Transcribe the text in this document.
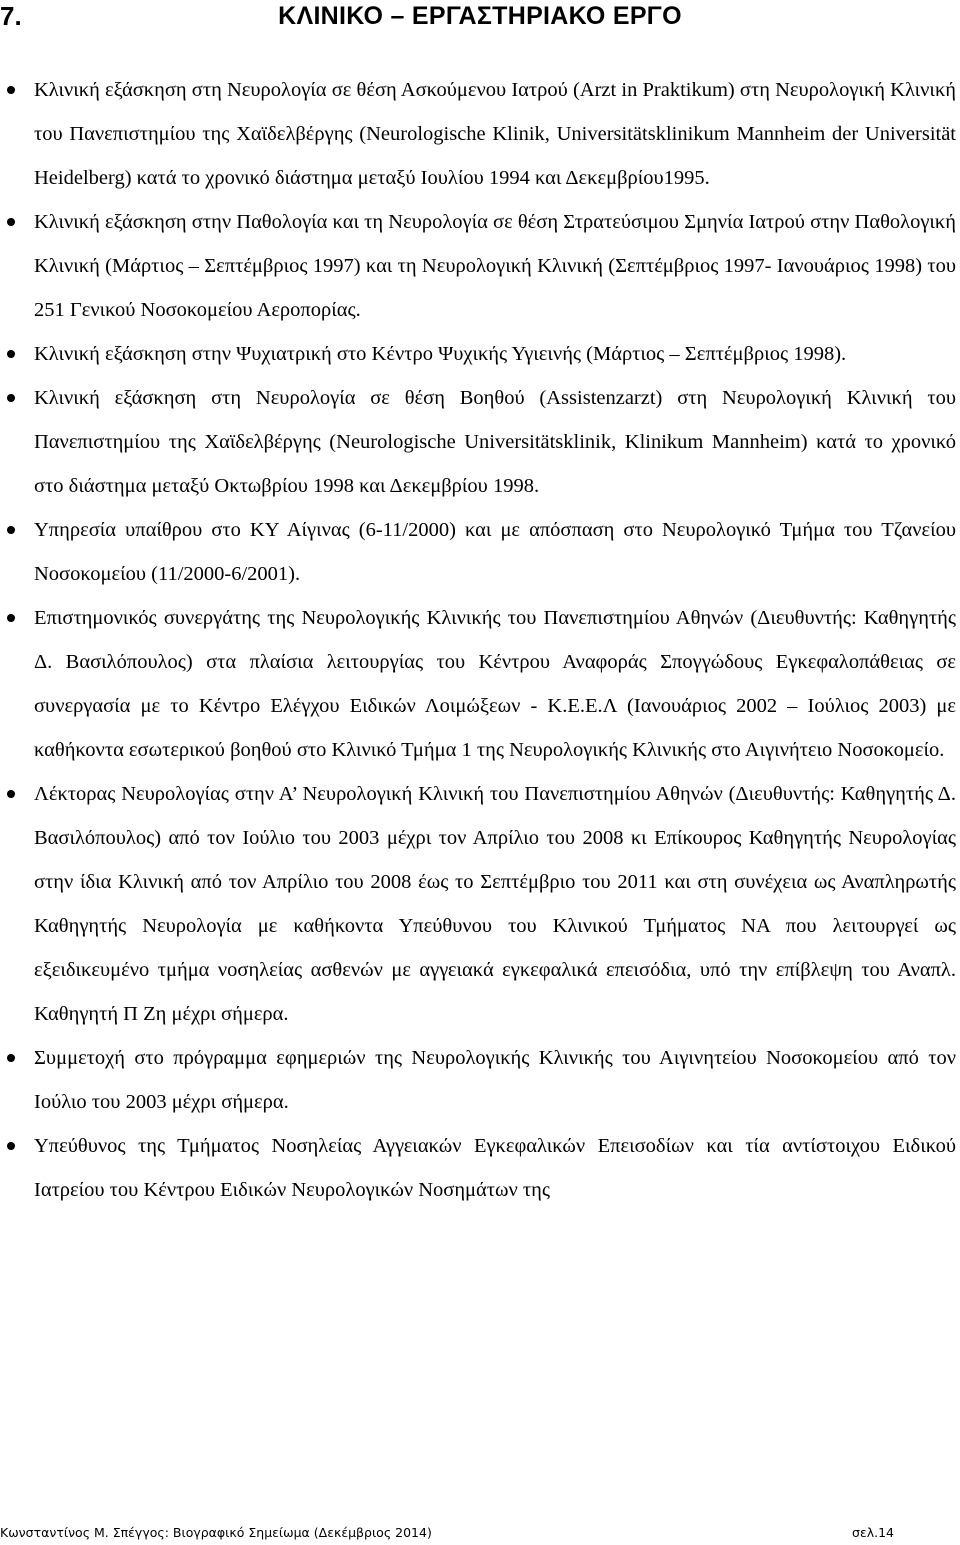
7.	ΚΛΙΝΙΚΟ – ΕΡΓΑΣΤΗΡΙΑΚΟ ΕΡΓΟ
Κλινική εξάσκηση στη Νευρολογία σε θέση Ασκούμενου Ιατρού (Arzt in Praktikum) στη Νευρολογική Κλινική του Πανεπιστημίου της Χαϊδελβέργης (Neurologische Klinik, Universitätsklinikum Mannheim der Universität Heidelberg) κατά το χρονικό διάστημα μεταξύ Ιουλίου 1994 και Δεκεμβρίου1995.
Κλινική εξάσκηση στην Παθολογία και τη Νευρολογία σε θέση Στρατεύσιμου Σμηνία Ιατρού στην Παθολογική Κλινική (Μάρτιος – Σεπτέμβριος 1997) και τη Νευρολογική Κλινική (Σεπτέμβριος 1997- Ιανουάριος 1998) του 251 Γενικού Νοσοκομείου Αεροπορίας.
Κλινική εξάσκηση στην Ψυχιατρική στο Κέντρο Ψυχικής Υγιεινής (Μάρτιος – Σεπτέμβριος 1998).
Κλινική εξάσκηση στη Νευρολογία σε θέση Βοηθού (Assistenzarzt) στη Νευρολογική Κλινική του Πανεπιστημίου της Χαϊδελβέργης (Neurologische Universitätsklinik, Klinikum Mannheim) κατά το χρονικό στο διάστημα μεταξύ Οκτωβρίου 1998 και Δεκεμβρίου 1998.
Υπηρεσία υπαίθρου στο ΚΥ Αίγινας (6-11/2000) και με απόσπαση στο Νευρολογικό Τμήμα του Τζανείου Νοσοκομείου (11/2000-6/2001).
Επιστημονικός συνεργάτης της Νευρολογικής Κλινικής του Πανεπιστημίου Αθηνών (Διευθυντής: Καθηγητής Δ. Βασιλόπουλος) στα πλαίσια λειτουργίας του Κέντρου Αναφοράς Σπογγώδους Εγκεφαλοπάθειας σε συνεργασία με το Κέντρο Ελέγχου Ειδικών Λοιμώξεων - Κ.Ε.Ε.Λ (Ιανουάριος 2002 – Ιούλιος 2003) με καθήκοντα εσωτερικού βοηθού στο Κλινικό Τμήμα 1 της Νευρολογικής Κλινικής στο Αιγινήτειο Νοσοκομείο.
Λέκτορας Νευρολογίας στην Α’ Νευρολογική Κλινική του Πανεπιστημίου Αθηνών (Διευθυντής: Καθηγητής Δ. Βασιλόπουλος) από τον Ιούλιο του 2003 μέχρι τον Απρίλιο του 2008 κι Επίκουρος Καθηγητής Νευρολογίας στην ίδια Κλινική από τον Απρίλιο του 2008 έως το Σεπτέμβριο του 2011 και στη συνέχεια ως Αναπληρωτής Καθηγητής Νευρολογία με καθήκοντα Υπεύθυνου του Κλινικού Τμήματος ΝΑ που λειτουργεί ως εξειδικευμένο τμήμα νοσηλείας ασθενών με αγγειακά εγκεφαλικά επεισόδια, υπό την επίβλεψη του Αναπλ. Καθηγητή Π Ζη μέχρι σήμερα.
Συμμετοχή στο πρόγραμμα εφημεριών της Νευρολογικής Κλινικής του Αιγινητείου Νοσοκομείου από τον Ιούλιο του 2003 μέχρι σήμερα.
Υπεύθυνος της Τμήματος Νοσηλείας Αγγειακών Εγκεφαλικών Επεισοδίων και τία αντίστοιχου Ειδικού Ιατρείου του Κέντρου Ειδικών Νευρολογικών Νοσημάτων της
Κωνσταντίνος Μ. Σπέγγος: Βιογραφικό Σημείωμα (Δεκέμβριος 2014)	σελ.14
